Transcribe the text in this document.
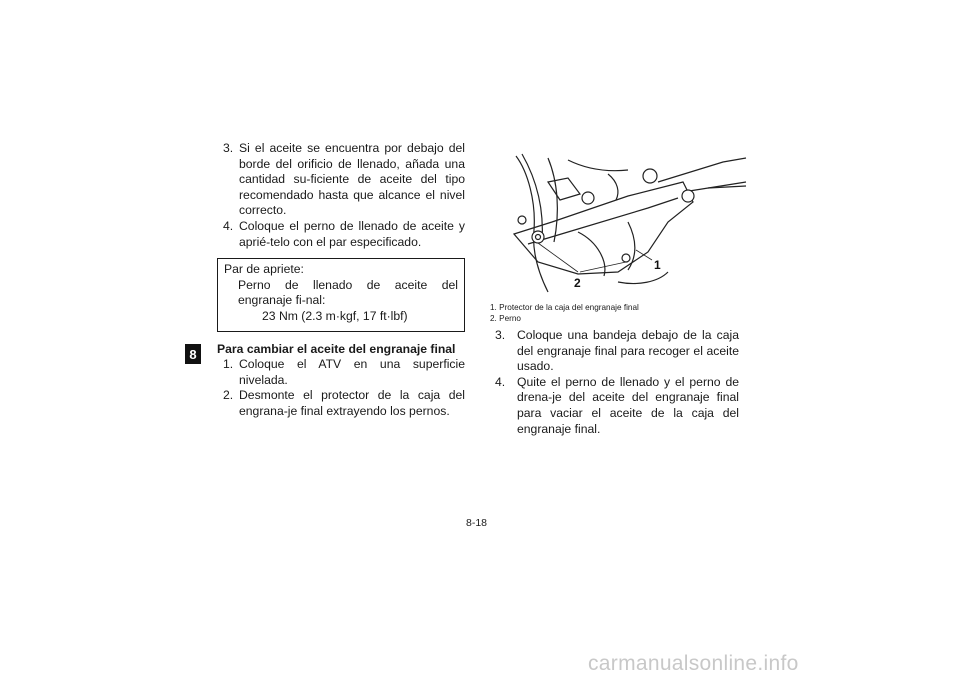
8
3. Si el aceite se encuentra por debajo del borde del orificio de llenado, añada una cantidad su-ficiente de aceite del tipo recomendado hasta que alcance el nivel correcto.
4. Coloque el perno de llenado de aceite y aprié-telo con el par especificado.
Par de apriete:
Perno de llenado de aceite del engranaje fi-nal:
23 Nm (2.3 m·kgf, 17 ft·lbf)
Para cambiar el aceite del engranaje final
1. Coloque el ATV en una superficie nivelada.
2. Desmonte el protector de la caja del engrana-je final extrayendo los pernos.
1
2
1. Protector de la caja del engranaje final
2. Perno
3. Coloque una bandeja debajo de la caja del engranaje final para recoger el aceite usado.
4. Quite el perno de llenado y el perno de drena-je del aceite del engranaje final para vaciar el aceite de la caja del engranaje final.
8-18
carmanualsonline.info
